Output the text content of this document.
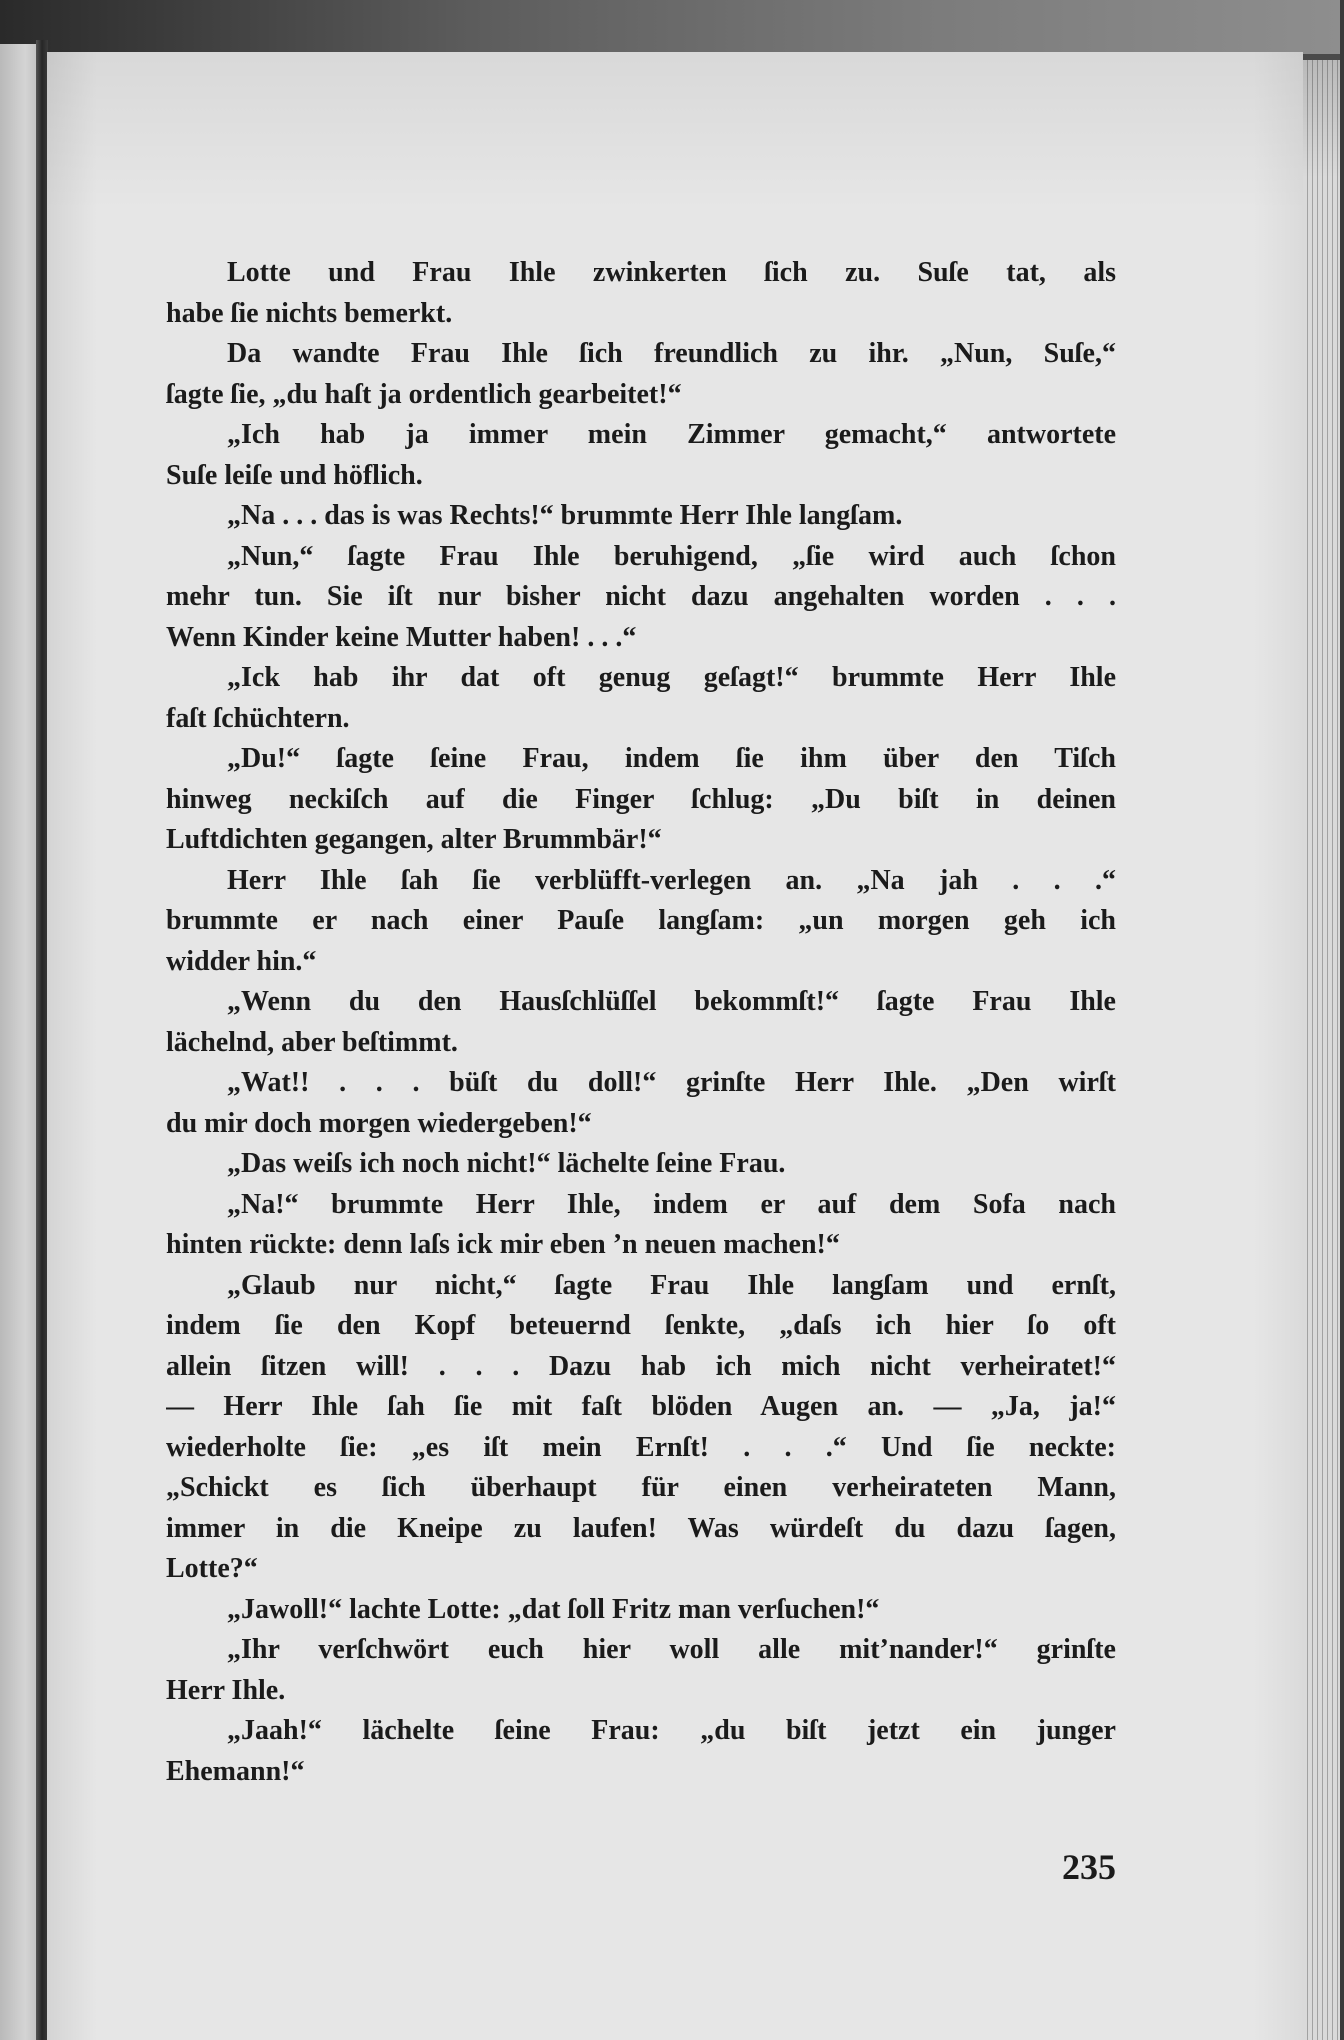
Lotte und Frau Ihle zwinkerten ſich zu. Suſe tat, als
habe ſie nichts bemerkt.
Da wandte Frau Ihle ſich freundlich zu ihr. „Nun, Suſe,“
ſagte ſie, „du haſt ja ordentlich gearbeitet!“
„Ich hab ja immer mein Zimmer gemacht,“ antwortete
Suſe leiſe und höflich.
„Na . . . das is was Rechts!“ brummte Herr Ihle langſam.
„Nun,“ ſagte Frau Ihle beruhigend, „ſie wird auch ſchon
mehr tun. Sie iſt nur bisher nicht dazu angehalten worden . . .
Wenn Kinder keine Mutter haben! . . .“
„Ick hab ihr dat oft genug geſagt!“ brummte Herr Ihle
faſt ſchüchtern.
„Du!“ ſagte ſeine Frau, indem ſie ihm über den Tiſch
hinweg neckiſch auf die Finger ſchlug: „Du biſt in deinen
Luftdichten gegangen, alter Brummbär!“
Herr Ihle ſah ſie verblüfft-verlegen an. „Na jah . . .“
brummte er nach einer Pauſe langſam: „un morgen geh ich
widder hin.“
„Wenn du den Hausſchlüſſel bekommſt!“ ſagte Frau Ihle
lächelnd, aber beſtimmt.
„Wat!! . . . büſt du doll!“ grinſte Herr Ihle. „Den wirſt
du mir doch morgen wiedergeben!“
„Das weiſs ich noch nicht!“ lächelte ſeine Frau.
„Na!“ brummte Herr Ihle, indem er auf dem Sofa nach
hinten rückte: denn laſs ick mir eben ’n neuen machen!“
„Glaub nur nicht,“ ſagte Frau Ihle langſam und ernſt,
indem ſie den Kopf beteuernd ſenkte, „daſs ich hier ſo oft
allein ſitzen will! . . . Dazu hab ich mich nicht verheiratet!“
— Herr Ihle ſah ſie mit faſt blöden Augen an. — „Ja, ja!“
wiederholte ſie: „es iſt mein Ernſt! . . .“ Und ſie neckte:
„Schickt es ſich überhaupt für einen verheirateten Mann,
immer in die Kneipe zu laufen! Was würdeſt du dazu ſagen,
Lotte?“
„Jawoll!“ lachte Lotte: „dat ſoll Fritz man verſuchen!“
„Ihr verſchwört euch hier woll alle mit’nander!“ grinſte
Herr Ihle.
„Jaah!“ lächelte ſeine Frau: „du biſt jetzt ein junger
Ehemann!“
235
